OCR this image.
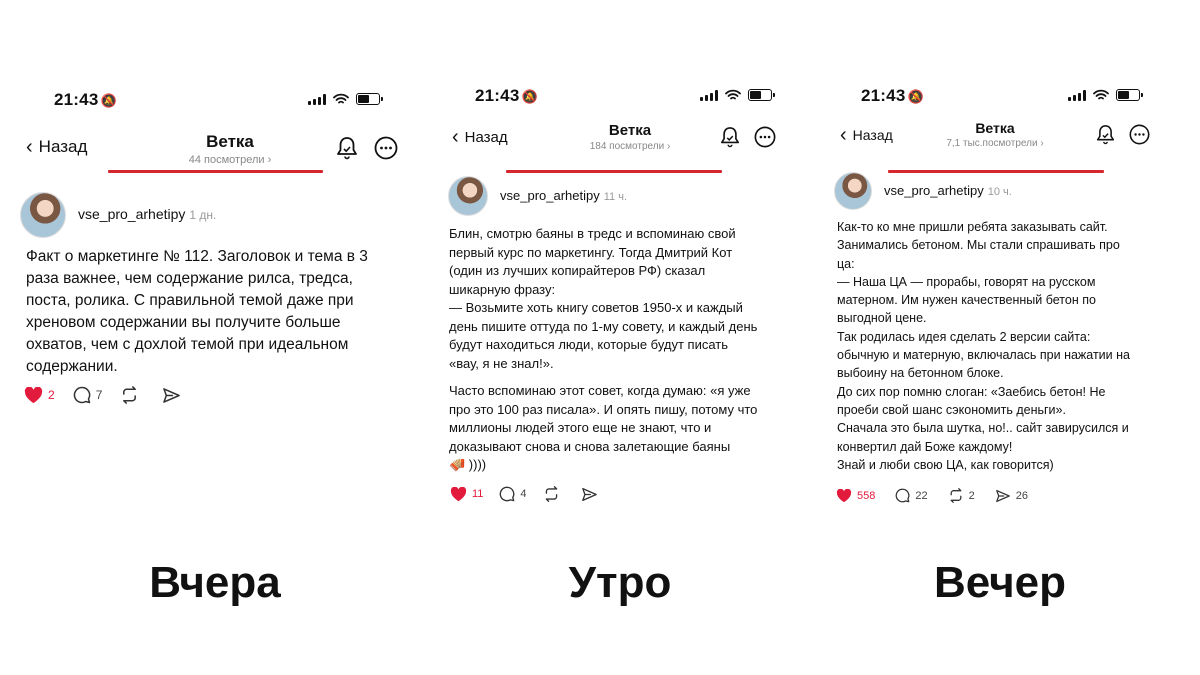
21:43 🔕
‹ Назад	Ветка
44 посмотрели ›
vse_pro_arhetipy 1 дн.

Факт о маркетинге № 112. Заголовок и тема в 3
раза важнее, чем содержание рилса, тредса,
поста, ролика. С правильной темой даже при
хреновом содержании вы получите больше
охватов, чем с дохлой темой при идеальном
содержании.

2	7
Вчера
21:43 🔕
‹ Назад	Ветка
184 посмотрели ›
vse_pro_arhetipy 11 ч.

Блин, смотрю баяны в тредс и вспоминаю свой
первый курс по маркетингу. Тогда Дмитрий Кот
(один из лучших копирайтеров РФ) сказал
шикарную фразу:
— Возьмите хоть книгу советов 1950-х и каждый
день пишите оттуда по 1-му совету, и каждый день
будут находиться люди, которые будут писать
«вау, я не знал!».

Часто вспоминаю этот совет, когда думаю: «я уже
про это 100 раз писала». И опять пишу, потому что
миллионы людей этого еще не знают, что и
доказывают снова и снова залетающие баяны
🪗 ))))

11	4
Утро
21:43 🔕
‹ Назад	Ветка
7,1 тыс.посмотрели ›
vse_pro_arhetipy 10 ч.

Как-то ко мне пришли ребята заказывать сайт.
Занимались бетоном. Мы стали спрашивать про
ца:
— Наша ЦА — прорабы, говорят на русском
матерном. Им нужен качественный бетон по
выгодной цене.
Так родилась идея сделать 2 версии сайта:
обычную и матерную, включалась при нажатии на
выбоину на бетонном блоке.
До сих пор помню слоган: «Заебись бетон! Не
проеби свой шанс сэкономить деньги».
Сначала это была шутка, но!.. сайт завирусился и
конвертил дай Боже каждому!
Знай и люби свою ЦА, как говорится)

558	22	2	26
Вечер
